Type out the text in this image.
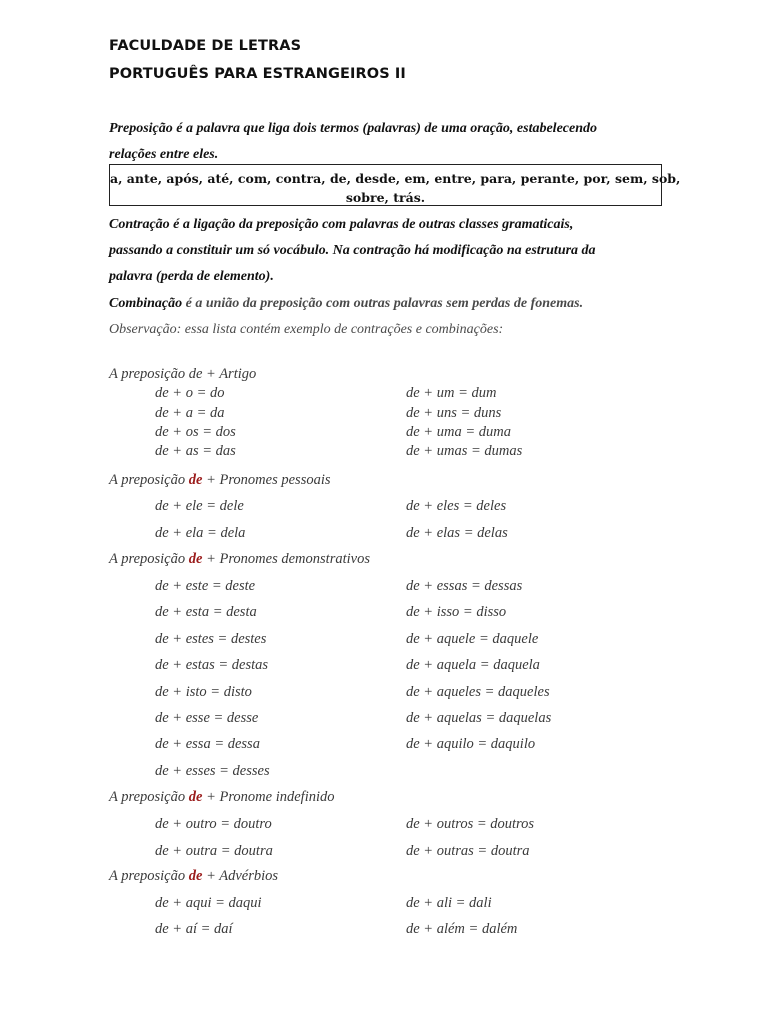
FACULDADE DE LETRAS
PORTUGUÊS PARA ESTRANGEIROS II
Preposição é a palavra que liga dois termos (palavras) de uma oração, estabelecendo
relações entre eles.
a, ante, após, até, com, contra, de, desde, em, entre, para, perante, por, sem, sob,
sobre, trás.
Contração é a ligação da preposição com palavras de outras classes gramaticais,
passando a constituir um só vocábulo. Na contração há modificação na estrutura da
palavra (perda de elemento).
Combinação é a união da preposição com outras palavras sem perdas de fonemas.
Observação: essa lista contém exemplo de contrações e combinações:
A preposição de + Artigo
de + o = do
de + a = da
de + os = dos
de + as = das
de + um = dum
de + uns = duns
de + uma = duma
de + umas = dumas
A preposição de + Pronomes pessoais
de + ele = dele
de + ela = dela
de + eles = deles
de + elas = delas
A preposição de + Pronomes demonstrativos
de + este = deste
de + esta = desta
de + estes = destes
de + estas = destas
de + isto = disto
de + esse = desse
de + essa = dessa
de + esses = desses
de + essas = dessas
de + isso = disso
de + aquele = daquele
de + aquela = daquela
de + aqueles = daqueles
de + aquelas = daquelas
de + aquilo = daquilo
A preposição de + Pronome indefinido
de + outro = doutro
de + outra = doutra
de + outros = doutros
de + outras = doutra
A preposição de + Advérbios
de + aqui = daqui
de + aí = daí
de + ali = dali
de + além = dalém
